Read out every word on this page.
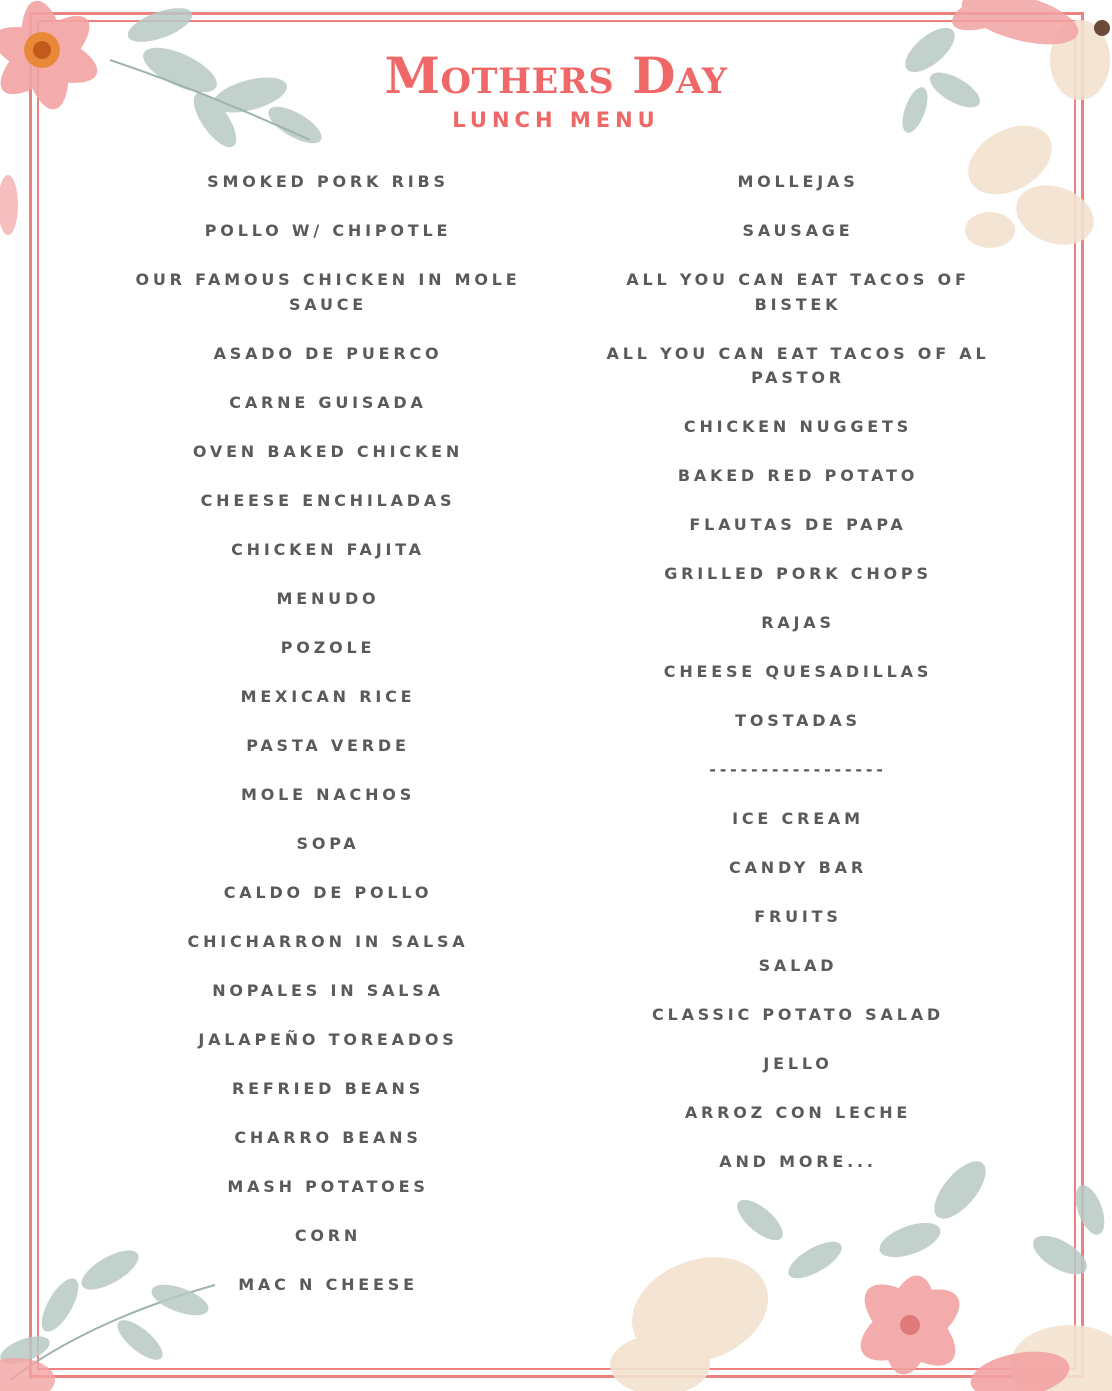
Mothers Day
LUNCH MENU
SMOKED PORK RIBS
POLLO W/ CHIPOTLE
OUR FAMOUS CHICKEN IN MOLE SAUCE
ASADO DE PUERCO
CARNE GUISADA
OVEN BAKED CHICKEN
CHEESE ENCHILADAS
CHICKEN FAJITA
MENUDO
POZOLE
MEXICAN RICE
PASTA VERDE
MOLE NACHOS
SOPA
CALDO DE POLLO
CHICHARRON IN SALSA
NOPALES IN SALSA
JALAPEÑO TOREADOS
REFRIED BEANS
CHARRO BEANS
MASH POTATOES
CORN
MAC N CHEESE
MOLLEJAS
SAUSAGE
ALL YOU CAN EAT TACOS OF BISTEK
ALL YOU CAN EAT TACOS OF AL PASTOR
CHICKEN NUGGETS
BAKED RED POTATO
FLAUTAS DE PAPA
GRILLED PORK CHOPS
RAJAS
CHEESE QUESADILLAS
TOSTADAS
-----------------
ICE CREAM
CANDY BAR
FRUITS
SALAD
CLASSIC POTATO SALAD
JELLO
ARROZ CON LECHE
AND MORE...
